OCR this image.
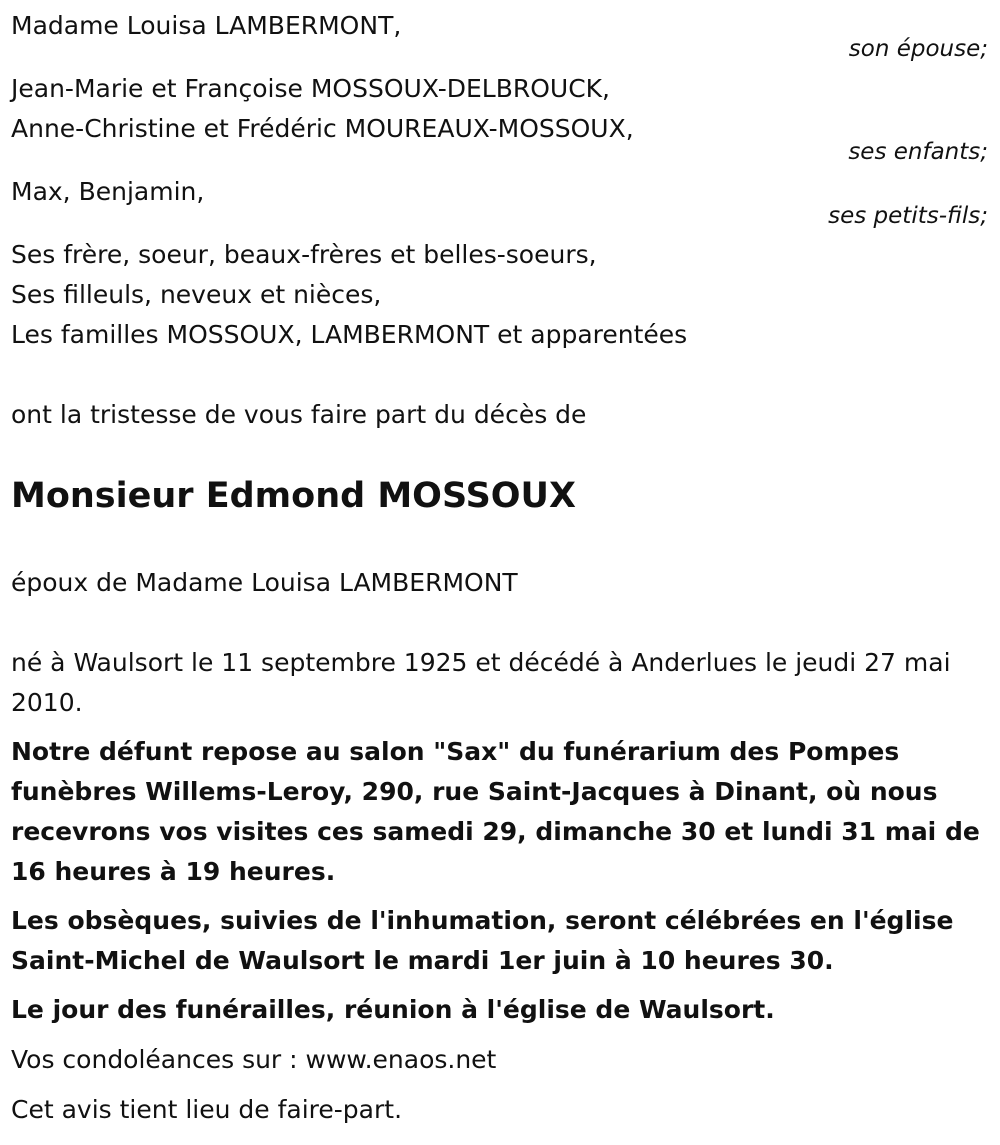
Madame Louisa LAMBERMONT,
son épouse;
Jean-Marie et Françoise MOSSOUX-DELBROUCK,
Anne-Christine et Frédéric MOUREAUX-MOSSOUX,
ses enfants;
Max, Benjamin,
ses petits-fils;
Ses frère, soeur, beaux-frères et belles-soeurs,
Ses filleuls, neveux et nièces,
Les familles MOSSOUX, LAMBERMONT et apparentées
ont la tristesse de vous faire part du décès de
Monsieur Edmond MOSSOUX
époux de Madame Louisa LAMBERMONT
né à Waulsort le 11 septembre 1925 et décédé à Anderlues le jeudi 27 mai 2010.
Notre défunt repose au salon "Sax" du funérarium des Pompes funèbres Willems-Leroy, 290, rue Saint-Jacques à Dinant, où nous recevrons vos visites ces samedi 29, dimanche 30 et lundi 31 mai de 16 heures à 19 heures.
Les obsèques, suivies de l'inhumation, seront célébrées en l'église Saint-Michel de Waulsort le mardi 1er juin à 10 heures 30.
Le jour des funérailles, réunion à l'église de Waulsort.
Vos condoléances sur : www.enaos.net
Cet avis tient lieu de faire-part.
